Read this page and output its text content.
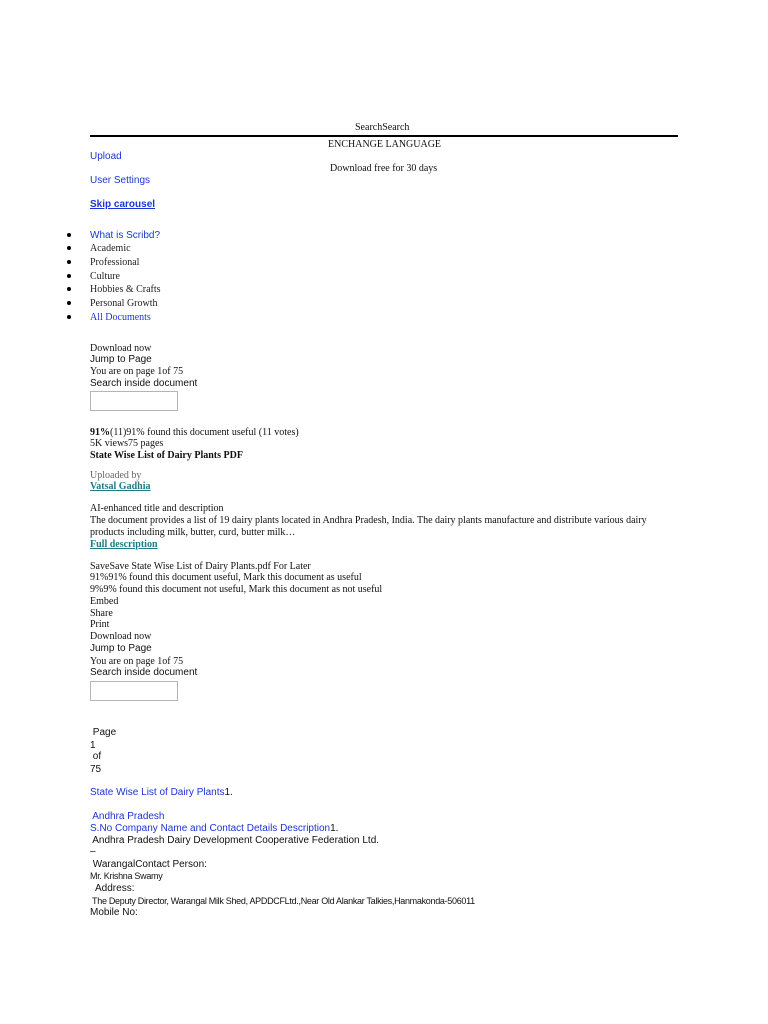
SearchSearch
ENCHANGE LANGUAGE
Upload
Download free for 30 days
User Settings
Skip carousel
What is Scribd?
Academic
Professional
Culture
Hobbies & Crafts
Personal Growth
All Documents
Download now
Jump to Page
You are on page 1of 75
Search inside document
91%(11)91% found this document useful (11 votes)
5K views75 pages
State Wise List of Dairy Plants PDF
Uploaded by
Vatsal Gadhia
AI-enhanced title and description
The document provides a list of 19 dairy plants located in Andhra Pradesh, India. The dairy plants manufacture and distribute various dairy
products including milk, butter, curd, butter milk…
Full description
SaveSave State Wise List of Dairy Plants.pdf For Later
91%91% found this document useful, Mark this document as useful
9%9% found this document not useful, Mark this document as not useful
Embed
Share
Print
Download now
Jump to Page
You are on page 1of 75
Search inside document
Page
1
of
75
State Wise List of Dairy Plants1.
Andhra Pradesh
S.No Company Name and Contact Details Description1.
Andhra Pradesh Dairy Development Cooperative Federation Ltd.
–
WarangalContact Person:
Mr. Krishna Swamy
Address:
The Deputy Director, Warangal Milk Shed, APDDCFLtd.,Near Old Alankar Talkies,Hanmakonda-506011
Mobile No:
